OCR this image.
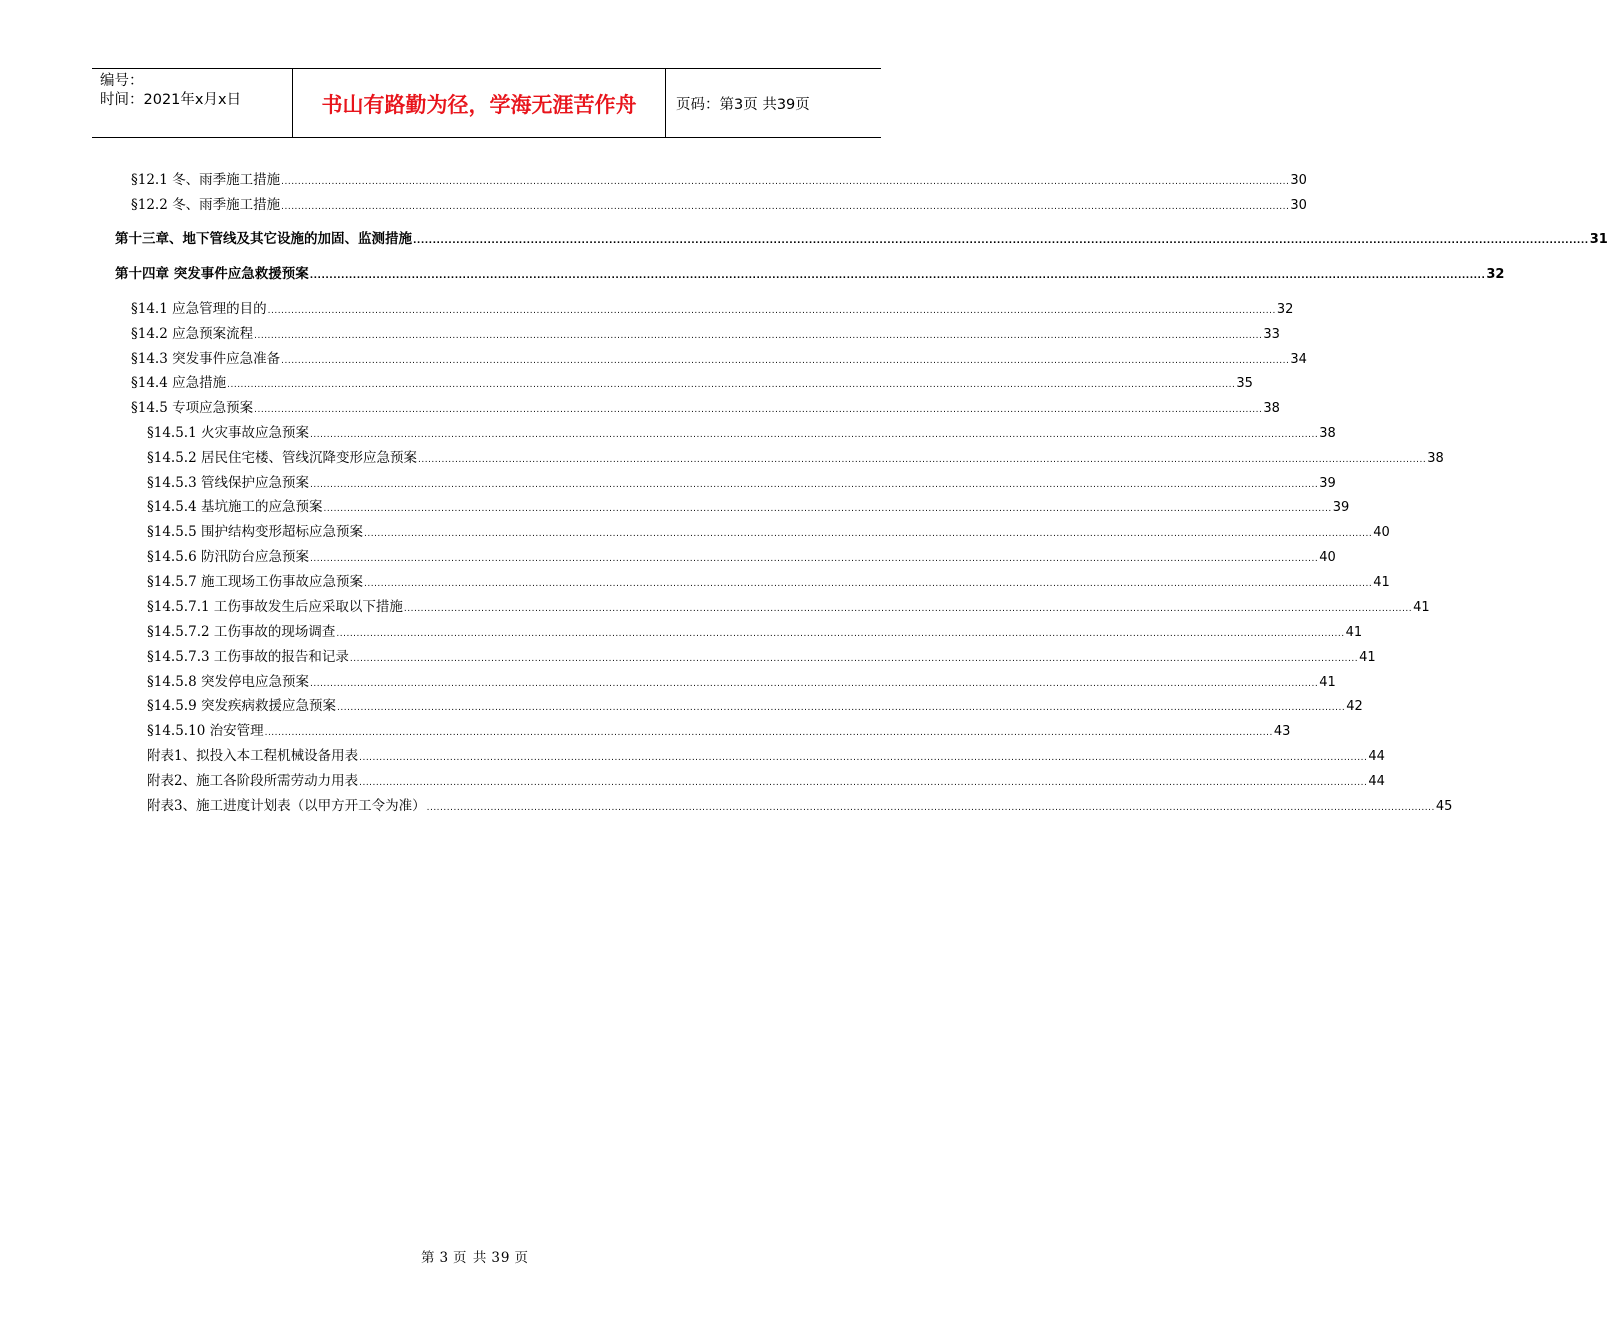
编号：
时间：2021年x月x日	书山有路勤为径，学海无涯苦作舟	页码：第3页 共39页
§12.1 冬、雨季施工措施 ............................................................................................................................................................................................................................................................................................................ 30
§12.2 冬、雨季施工措施 ............................................................................................................................................................................................................................................................................................................ 30
第十三章、地下管线及其它设施的加固、监测措施 ............................................................................................................................................................................................................................................................................................................ 31
第十四章 突发事件应急救援预案 ............................................................................................................................................................................................................................................................................................................ 32
§14.1 应急管理的目的 ............................................................................................................................................................................................................................................................................................................ 32
§14.2 应急预案流程 ............................................................................................................................................................................................................................................................................................................ 33
§14.3 突发事件应急准备 ............................................................................................................................................................................................................................................................................................................ 34
§14.4 应急措施 ............................................................................................................................................................................................................................................................................................................ 35
§14.5 专项应急预案 ............................................................................................................................................................................................................................................................................................................ 38
§14.5.1 火灾事故应急预案 ............................................................................................................................................................................................................................................................................................................ 38
§14.5.2 居民住宅楼、管线沉降变形应急预案 ............................................................................................................................................................................................................................................................................................................ 38
§14.5.3 管线保护应急预案 ............................................................................................................................................................................................................................................................................................................ 39
§14.5.4 基坑施工的应急预案 ............................................................................................................................................................................................................................................................................................................ 39
§14.5.5 围护结构变形超标应急预案 ............................................................................................................................................................................................................................................................................................................ 40
§14.5.6 防汛防台应急预案 ............................................................................................................................................................................................................................................................................................................ 40
§14.5.7 施工现场工伤事故应急预案 ............................................................................................................................................................................................................................................................................................................ 41
§14.5.7.1 工伤事故发生后应采取以下措施 ............................................................................................................................................................................................................................................................................................................ 41
§14.5.7.2 工伤事故的现场调查 ............................................................................................................................................................................................................................................................................................................ 41
§14.5.7.3 工伤事故的报告和记录 ............................................................................................................................................................................................................................................................................................................ 41
§14.5.8 突发停电应急预案 ............................................................................................................................................................................................................................................................................................................ 41
§14.5.9 突发疾病救援应急预案 ............................................................................................................................................................................................................................................................................................................ 42
§14.5.10 治安管理 ............................................................................................................................................................................................................................................................................................................ 43
附表1、拟投入本工程机械设备用表 ............................................................................................................................................................................................................................................................................................................ 44
附表2、施工各阶段所需劳动力用表 ............................................................................................................................................................................................................................................................................................................ 44
附表3、施工进度计划表（以甲方开工令为准） ............................................................................................................................................................................................................................................................................................................ 45
第 3 页 共 39 页
